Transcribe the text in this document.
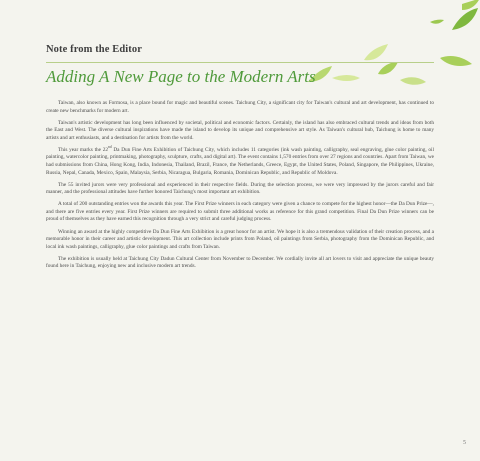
Note from the Editor
Adding A New Page to the Modern Arts

Taiwan, also known as Formosa, is a place bound for magic and beautiful scenes. Taichung City, a significant city for Taiwan's cultural and art development, has continued to create new benchmarks for modern art.

Taiwan's artistic development has long been influenced by societal, political and economic factors. Certainly, the island has also embraced cultural trends and ideas from both the East and West. The diverse cultural inspirations have made the island to develop its unique and comprehensive art style. As Taiwan's cultural hub, Taichung is home to many artists and art enthusiasts, and a destination for artists from the world.

This year marks the 22nd Da Dun Fine Arts Exhibition of Taichung City, which includes 11 categories (ink wash painting, calligraphy, seal engraving, glue color painting, oil painting, watercolor painting, printmaking, photography, sculpture, crafts, and digital art). The event contains 1,570 entries from over 27 regions and countries. Apart from Taiwan, we had submissions from China, Hong Kong, India, Indonesia, Thailand, Brazil, France, the Netherlands, Greece, Egypt, the United States, Poland, Singapore, the Philippines, Ukraine, Russia, Nepal, Canada, Mexico, Spain, Malaysia, Serbia, Nicaragua, Bulgaria, Romania, Dominican Republic, and Republic of Moldova.

The 55 invited jurors were very professional and experienced in their respective fields. During the selection process, we were very impressed by the jurors careful and fair manner, and the professional attitudes have further honored Taichung's most important art exhibition.

A total of 200 outstanding entries won the awards this year. The First Prize winners in each category were given a chance to compete for the highest honor—the Da Dun Prize—, and there are five entries every year. First Prize winners are required to submit three additional works as reference for this grand competition. Final Da Dun Prize winners can be proud of themselves as they have earned this recognition through a very strict and careful judging process.

Winning an award at the highly competitive Da Dun Fine Arts Exhibition is a great honor for an artist. We hope it is also a tremendous validation of their creation process, and a memorable honor in their career and artistic development. This art collection include prints from Poland, oil paintings from Serbia, photography from the Dominican Republic, and local ink wash paintings, calligraphy, glue color paintings and crafts from Taiwan.

The exhibition is usually held at Taichung City Dadun Cultural Center from November to December. We cordially invite all art lovers to visit and appreciate the unique beauty found here in Taichung, enjoying new and inclusive modern art trends.

5
